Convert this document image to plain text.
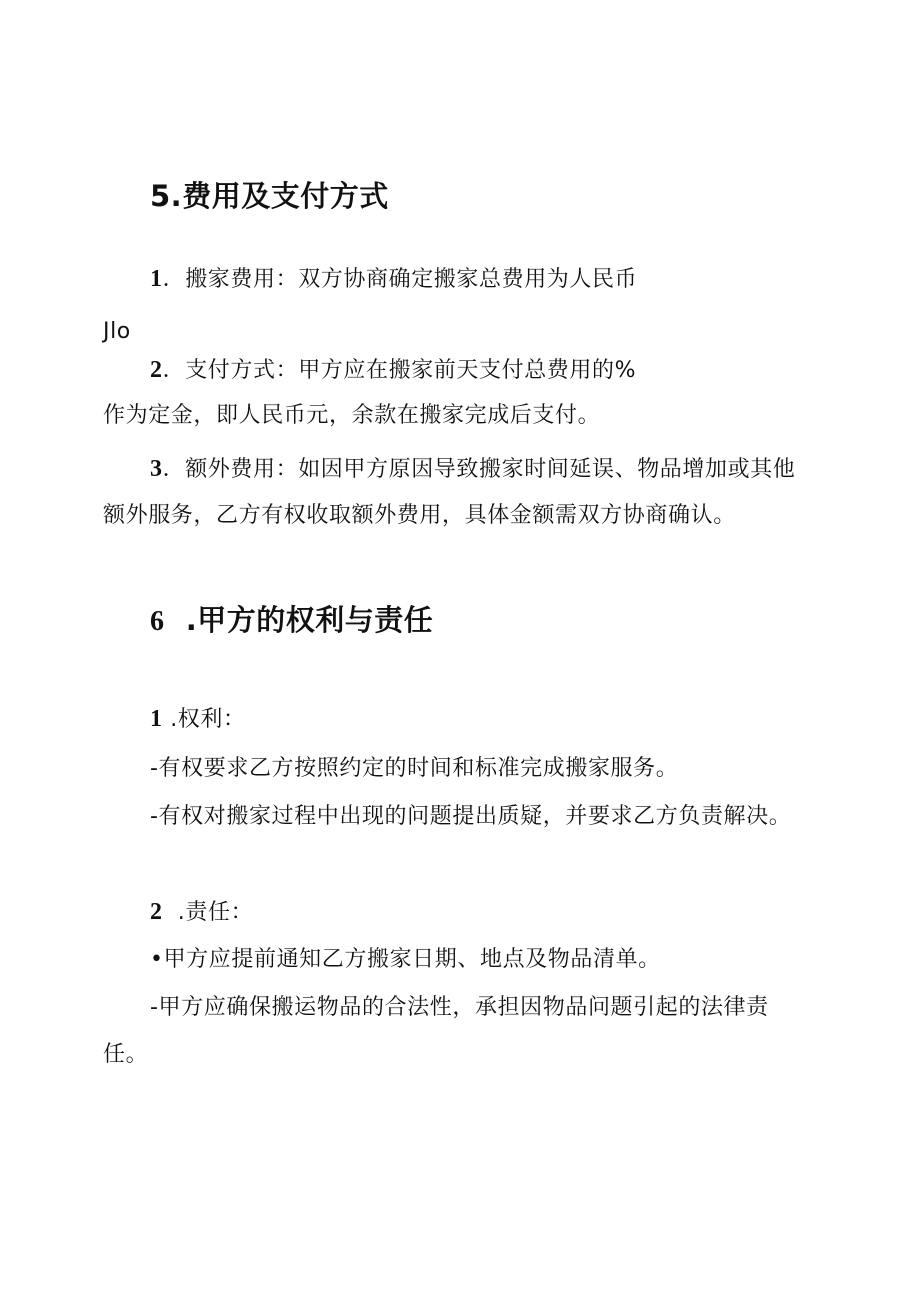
5.费用及支付方式
1．搬家费用：双方协商确定搬家总费用为人民币
Jlo
2．支付方式：甲方应在搬家前天支付总费用的%
作为定金，即人民币元，余款在搬家完成后支付。
3．额外费用：如因甲方原因导致搬家时间延误、物品增加或其他
额外服务，乙方有权收取额外费用，具体金额需双方协商确认。
6 .甲方的权利与责任
1 .权利：
-有权要求乙方按照约定的时间和标准完成搬家服务。
-有权对搬家过程中出现的问题提出质疑，并要求乙方负责解决。
2 .责任：
•甲方应提前通知乙方搬家日期、地点及物品清单。
-甲方应确保搬运物品的合法性，承担因物品问题引起的法律责
任。
